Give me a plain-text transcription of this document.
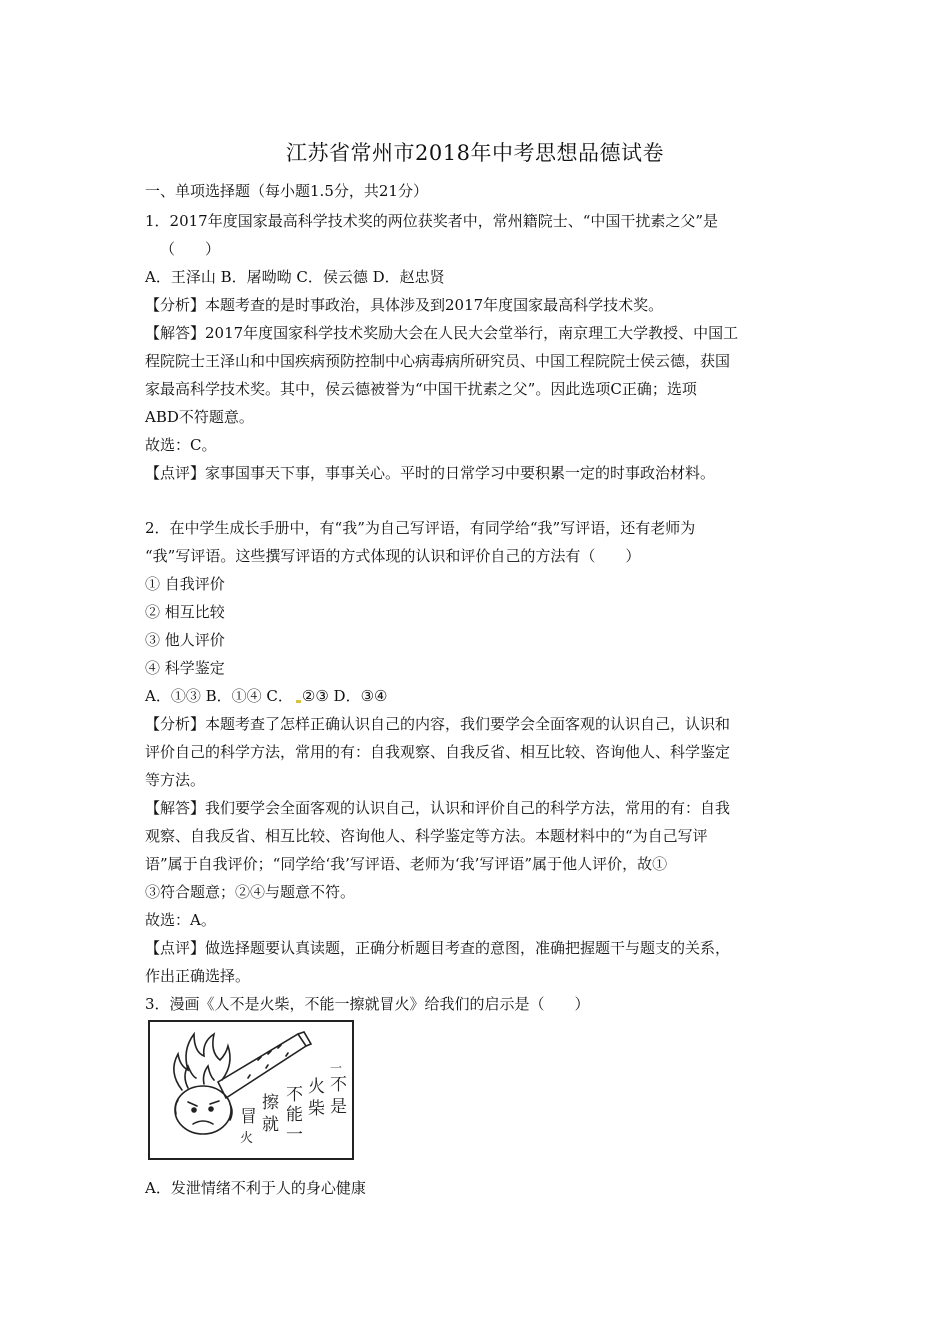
江苏省常州市2018年中考思想品德试卷
一、单项选择题（每小题1.5分，共21分）
1．2017年度国家最高科学技术奖的两位获奖者中，常州籍院士、“中国干扰素之父”是
（　　）
A．王泽山 B．屠呦呦 C．侯云德 D．赵忠贤
【分析】本题考查的是时事政治，具体涉及到2017年度国家最高科学技术奖。
【解答】2017年度国家科学技术奖励大会在人民大会堂举行，南京理工大学教授、中国工
程院院士王泽山和中国疾病预防控制中心病毒病所研究员、中国工程院院士侯云德，获国
家最高科学技术奖。其中，侯云德被誉为“中国干扰素之父”。因此选项C正确；选项
ABD不符题意。
故选：C。
【点评】家事国事天下事，事事关心。平时的日常学习中要积累一定的时事政治材料。
2．在中学生成长手册中，有“我”为自己写评语，有同学给“我”写评语，还有老师为
“我”写评语。这些撰写评语的方式体现的认识和评价自己的方法有（　　）
① 自我评价
② 相互比较
③ 他人评价
④ 科学鉴定
A．①③ B．①④ C． ②③ D．③④
【分析】本题考查了怎样正确认识自己的内容，我们要学会全面客观的认识自己，认识和
评价自己的科学方法，常用的有：自我观察、自我反省、相互比较、咨询他人、科学鉴定
等方法。
【解答】我们要学会全面客观的认识自己，认识和评价自己的科学方法，常用的有：自我
观察、自我反省、相互比较、咨询他人、科学鉴定等方法。本题材料中的“为自己写评
语”属于自我评价；“同学给‘我’写评语、老师为‘我’写评语”属于他人评价，故①
③符合题意；②④与题意不符。
故选：A。
【点评】做选择题要认真读题，正确分析题目考查的意图，准确把握题干与题支的关系，
作出正确选择。
3．漫画《人不是火柴，不能一擦就冒火》给我们的启示是（　　）
冒
火
擦
就
不
能
一
火
柴
不
是
一
A．发泄情绪不利于人的身心健康
